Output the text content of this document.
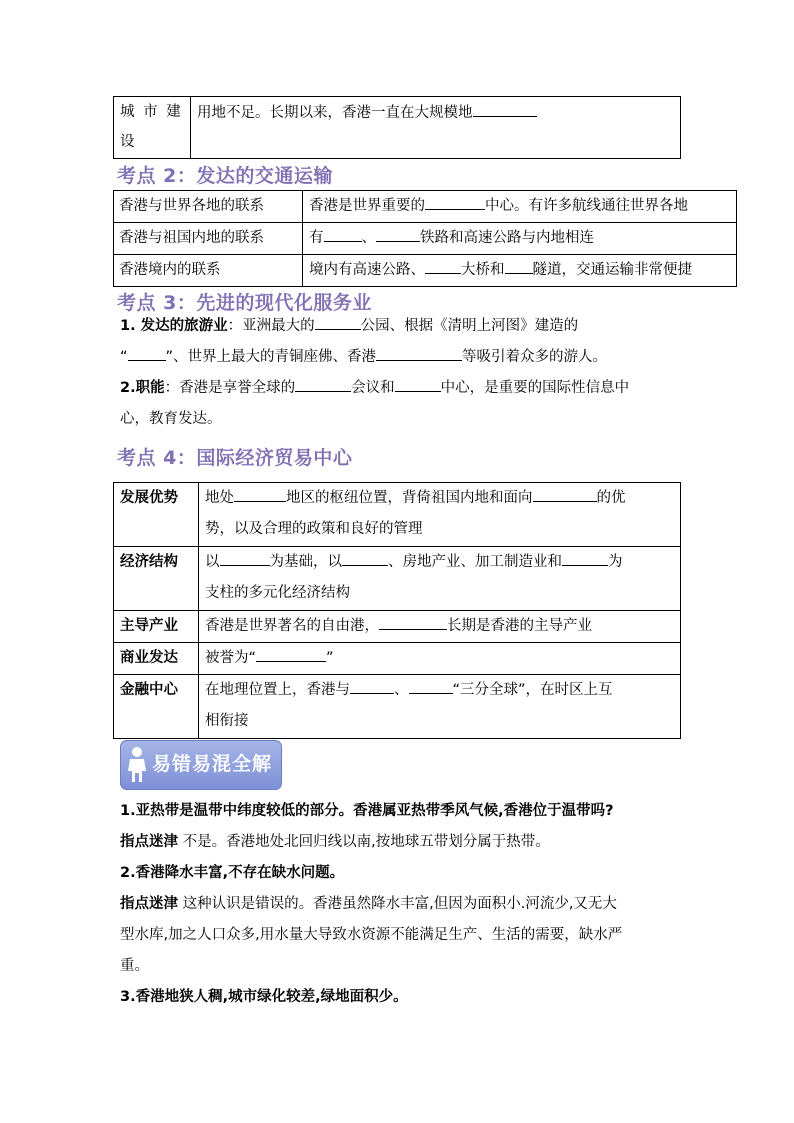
城 市 建
设
	用地不足。长期以来，香港一直在大规模地
考点 2：发达的交通运输
香港与世界各地的联系	香港是世界重要的 中心。有许多航线通往世界各地
香港与祖国内地的联系	有 、 铁路和高速公路与内地相连
香港境内的联系	境内有高速公路、 大桥和 隧道，交通运输非常便捷
考点 3：先进的现代化服务业
1. 发达的旅游业：亚洲最大的	公园、根据《清明上河图》建造的
“	”、世界上最大的青铜座佛、香港	等吸引着众多的游人。
2.职能：香港是享誉全球的	会议和	中心，是重要的国际性信息中
心，教育发达。
考点 4：国际经济贸易中心
发展优势	地处 地区的枢纽位置，背倚祖国内地和面向 的优
势，以及合理的政策和良好的管理

经济结构	以 为基础，以 、房地产业、加工制造业和 为
支柱的多元化经济结构

主导产业	香港是世界著名的自由港， 长期是香港的主导产业
商业发达	被誉为“ ”
金融中心	在地理位置上，香港与 、 “三分全球”，在时区上互
相衔接
易错易混全解
1.亚热带是温带中纬度较低的部分。香港属亚热带季风气候,香港位于温带吗?
指点迷津 不是。香港地处北回归线以南,按地球五带划分属于热带。
2.香港降水丰富,不存在缺水问题。
指点迷津 这种认识是错误的。香港虽然降水丰富,但因为面积小.河流少,又无大
型水库,加之人口众多,用水量大导致水资源不能满足生产、生活的需要，缺水严
重。
3.香港地狭人稠,城市绿化较差,绿地面积少。
